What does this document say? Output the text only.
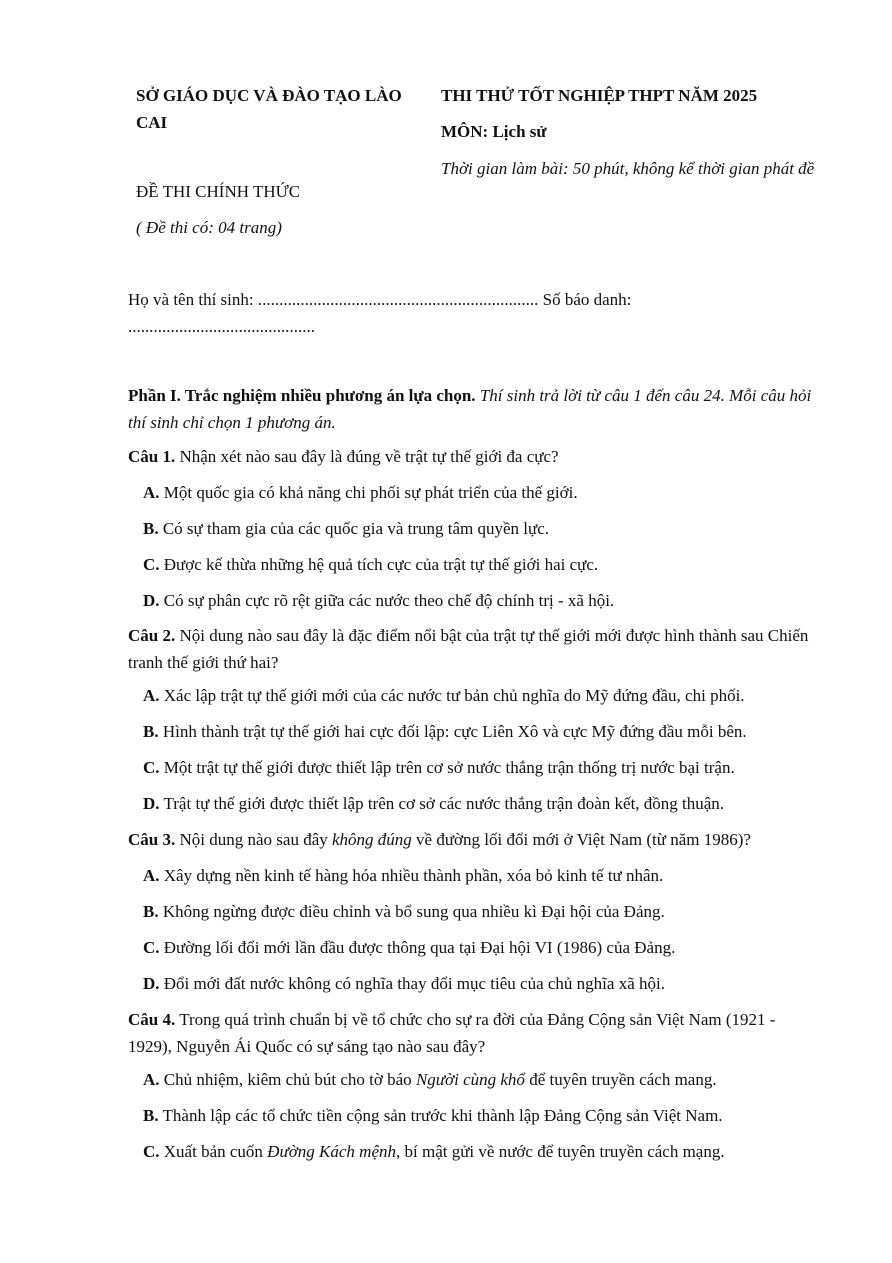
SỞ GIÁO DỤC VÀ ĐÀO TẠO LÀO CAI
THI THỬ TỐT NGHIỆP THPT NĂM 2025
MÔN: Lịch sử
Thời gian làm bài: 50 phút, không kể thời gian phát đề
ĐỀ THI CHÍNH THỨC
( Đề thi có: 04 trang)
Họ và tên thí sinh: .................................................................. Số báo danh: ............................................
Phần I. Trắc nghiệm nhiều phương án lựa chọn. Thí sinh trả lời từ câu 1 đến câu 24. Mỗi câu hỏi thí sinh chỉ chọn 1 phương án.
Câu 1. Nhận xét nào sau đây là đúng về trật tự thế giới đa cực?
A. Một quốc gia có khả năng chi phối sự phát triển của thế giới.
B. Có sự tham gia của các quốc gia và trung tâm quyền lực.
C. Được kế thừa những hệ quả tích cực của trật tự thế giới hai cực.
D. Có sự phân cực rõ rệt giữa các nước theo chế độ chính trị - xã hội.
Câu 2. Nội dung nào sau đây là đặc điểm nổi bật của trật tự thế giới mới được hình thành sau Chiến tranh thế giới thứ hai?
A. Xác lập trật tự thế giới mới của các nước tư bản chủ nghĩa do Mỹ đứng đầu, chi phối.
B. Hình thành trật tự thế giới hai cực đối lập: cực Liên Xô và cực Mỹ đứng đầu mỗi bên.
C. Một trật tự thế giới được thiết lập trên cơ sở nước thắng trận thống trị nước bại trận.
D. Trật tự thế giới được thiết lập trên cơ sở các nước thắng trận đoàn kết, đồng thuận.
Câu 3. Nội dung nào sau đây không đúng về đường lối đổi mới ở Việt Nam (từ năm 1986)?
A. Xây dựng nền kinh tế hàng hóa nhiều thành phần, xóa bỏ kinh tế tư nhân.
B. Không ngừng được điều chỉnh và bổ sung qua nhiều kì Đại hội của Đảng.
C. Đường lối đổi mới lần đầu được thông qua tại Đại hội VI (1986) của Đảng.
D. Đổi mới đất nước không có nghĩa thay đổi mục tiêu của chủ nghĩa xã hội.
Câu 4. Trong quá trình chuẩn bị về tổ chức cho sự ra đời của Đảng Cộng sản Việt Nam (1921 - 1929), Nguyễn Ái Quốc có sự sáng tạo nào sau đây?
A. Chủ nhiệm, kiêm chủ bút cho tờ báo Người cùng khổ để tuyên truyền cách mang.
B. Thành lập các tổ chức tiền cộng sản trước khi thành lập Đảng Cộng sản Việt Nam.
C. Xuất bản cuốn Đường Kách mệnh, bí mật gửi về nước để tuyên truyền cách mạng.
